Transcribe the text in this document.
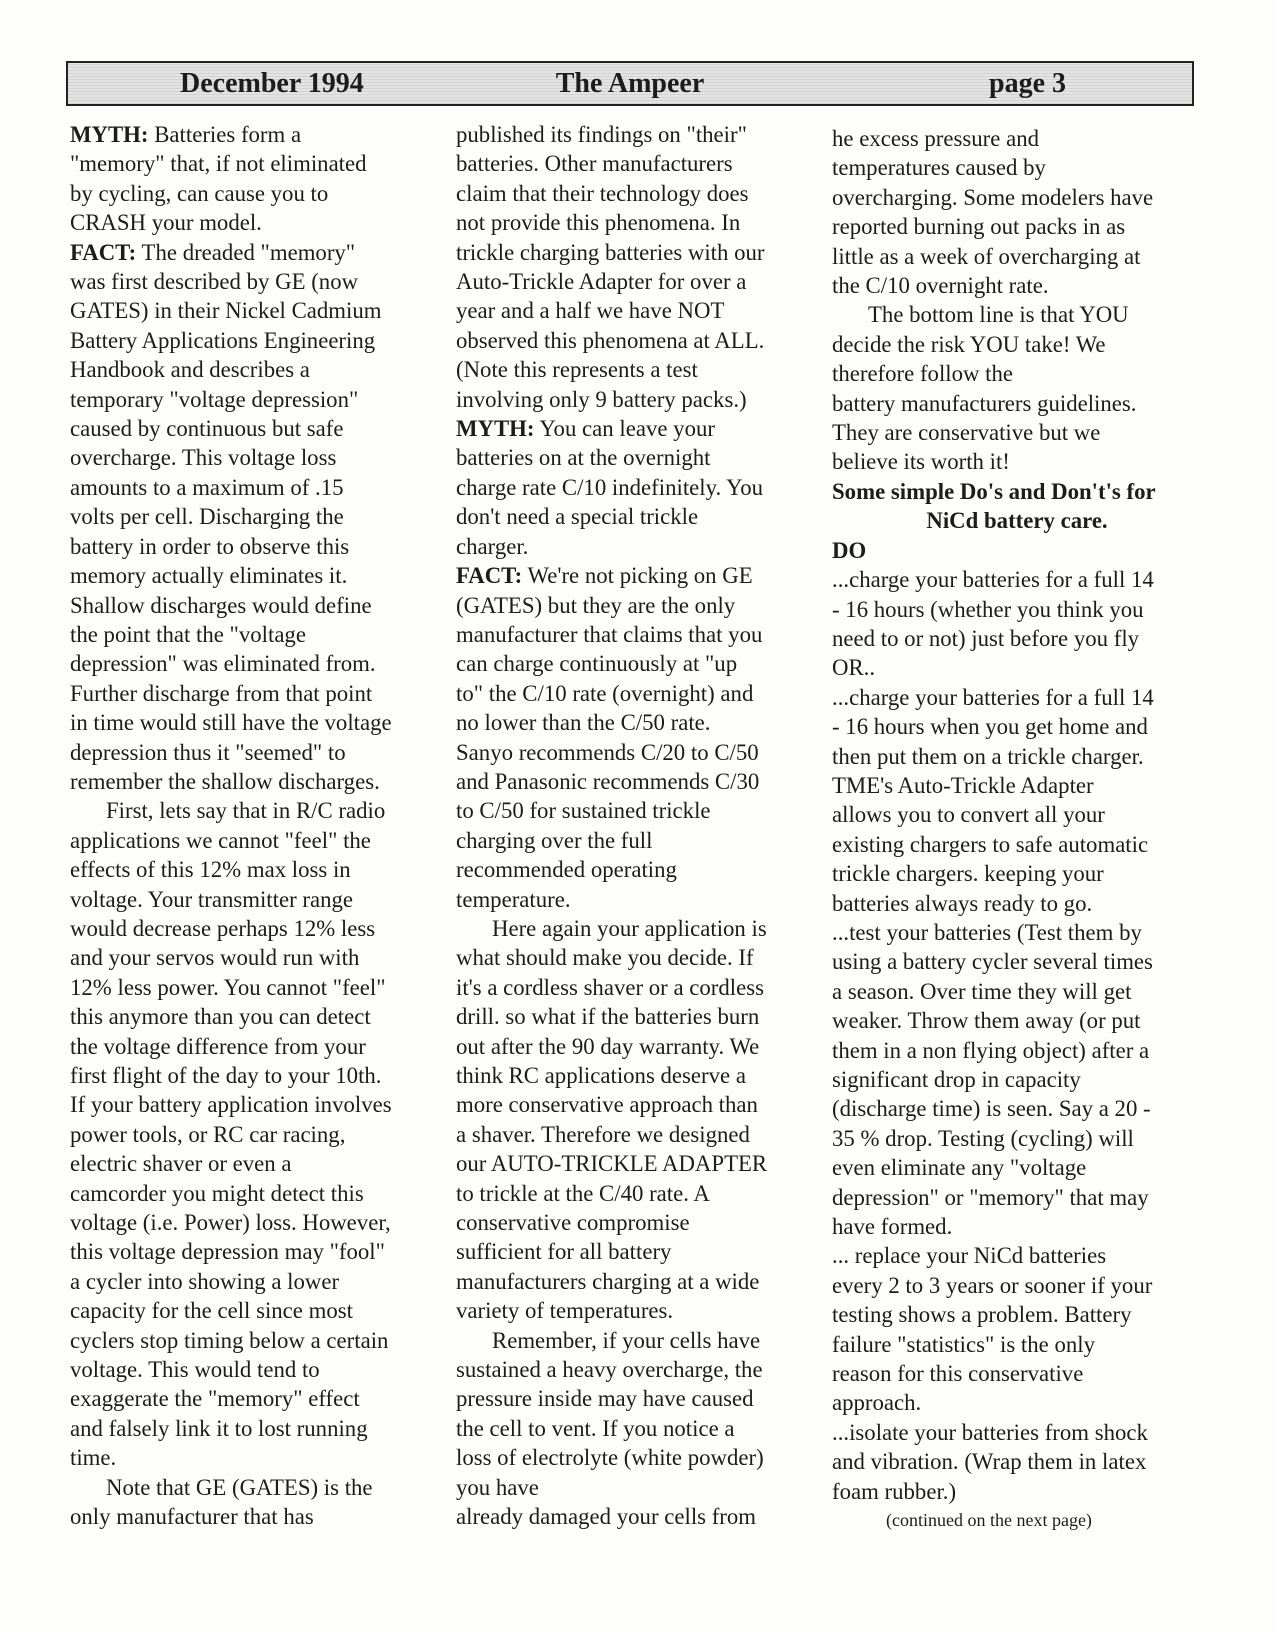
December 1994	The Ampeer	page 3

MYTH: Batteries form a

"memory" that, if not eliminated

by cycling, can cause you to

CRASH your model.

FACT: The dreaded "memory"

was first described by GE (now

GATES) in their Nickel Cadmium

Battery Applications Engineering

Handbook and describes a

temporary "voltage depression"

caused by continuous but safe

overcharge. This voltage loss

amounts to a maximum of .15

volts per cell. Discharging the

battery in order to observe this

memory actually eliminates it.

Shallow discharges would define

the point that the "voltage

depression" was eliminated from.

Further discharge from that point

in time would still have the voltage

depression thus it "seemed" to

remember the shallow discharges.

First, lets say that in R/C radio

applications we cannot "feel" the

effects of this 12% max loss in

voltage. Your transmitter range

would decrease perhaps 12% less

and your servos would run with

12% less power. You cannot "feel"

this anymore than you can detect

the voltage difference from your

first flight of the day to your 10th.

If your battery application involves

power tools, or RC car racing,

electric shaver or even a

camcorder you might detect this

voltage (i.e. Power) loss. However,

this voltage depression may "fool"

a cycler into showing a lower

capacity for the cell since most

cyclers stop timing below a certain

voltage. This would tend to

exaggerate the "memory" effect

and falsely link it to lost running

time.

Note that GE (GATES) is the

only manufacturer that has

published its findings on "their"

batteries. Other manufacturers

claim that their technology does

not provide this phenomena. In

trickle charging batteries with our

Auto-Trickle Adapter for over a

year and a half we have NOT

observed this phenomena at ALL.

(Note this represents a test

involving only 9 battery packs.)

MYTH: You can leave your

batteries on at the overnight

charge rate C/10 indefinitely. You

don't need a special trickle

charger.

FACT: We're not picking on GE

(GATES) but they are the only

manufacturer that claims that you

can charge continuously at "up

to" the C/10 rate (overnight) and

no lower than the C/50 rate.

Sanyo recommends C/20 to C/50

and Panasonic recommends C/30

to C/50 for sustained trickle

charging over the full

recommended operating

temperature.

Here again your application is

what should make you decide. If

it's a cordless shaver or a cordless

drill. so what if the batteries burn

out after the 90 day warranty. We

think RC applications deserve a

more conservative approach than

a shaver. Therefore we designed

our AUTO-TRICKLE ADAPTER

to trickle at the C/40 rate. A

conservative compromise

sufficient for all battery

manufacturers charging at a wide

variety of temperatures.

Remember, if your cells have

sustained a heavy overcharge, the

pressure inside may have caused

the cell to vent. If you notice a

loss of electrolyte (white powder)

you have

already damaged your cells from

he excess pressure and

temperatures caused by

overcharging. Some modelers have

reported burning out packs in as

little as a week of overcharging at

the C/10 overnight rate.

The bottom line is that YOU

decide the risk YOU take! We

therefore follow the

battery manufacturers guidelines.

They are conservative but we

believe its worth it!

Some simple Do's and Don't's for

NiCd battery care.

DO

...charge your batteries for a full 14

- 16 hours (whether you think you

need to or not) just before you fly

OR..

...charge your batteries for a full 14

- 16 hours when you get home and

then put them on a trickle charger.

TME's Auto-Trickle Adapter

allows you to convert all your

existing chargers to safe automatic

trickle chargers. keeping your

batteries always ready to go.

...test your batteries (Test them by

using a battery cycler several times

a season. Over time they will get

weaker. Throw them away (or put

them in a non flying object) after a

significant drop in capacity

(discharge time) is seen. Say a 20 -

35 % drop. Testing (cycling) will

even eliminate any "voltage

depression" or "memory" that may

have formed.

... replace your NiCd batteries

every 2 to 3 years or sooner if your

testing shows a problem. Battery

failure "statistics" is the only

reason for this conservative

approach.

...isolate your batteries from shock

and vibration. (Wrap them in latex

foam rubber.)

(continued on the next page)
